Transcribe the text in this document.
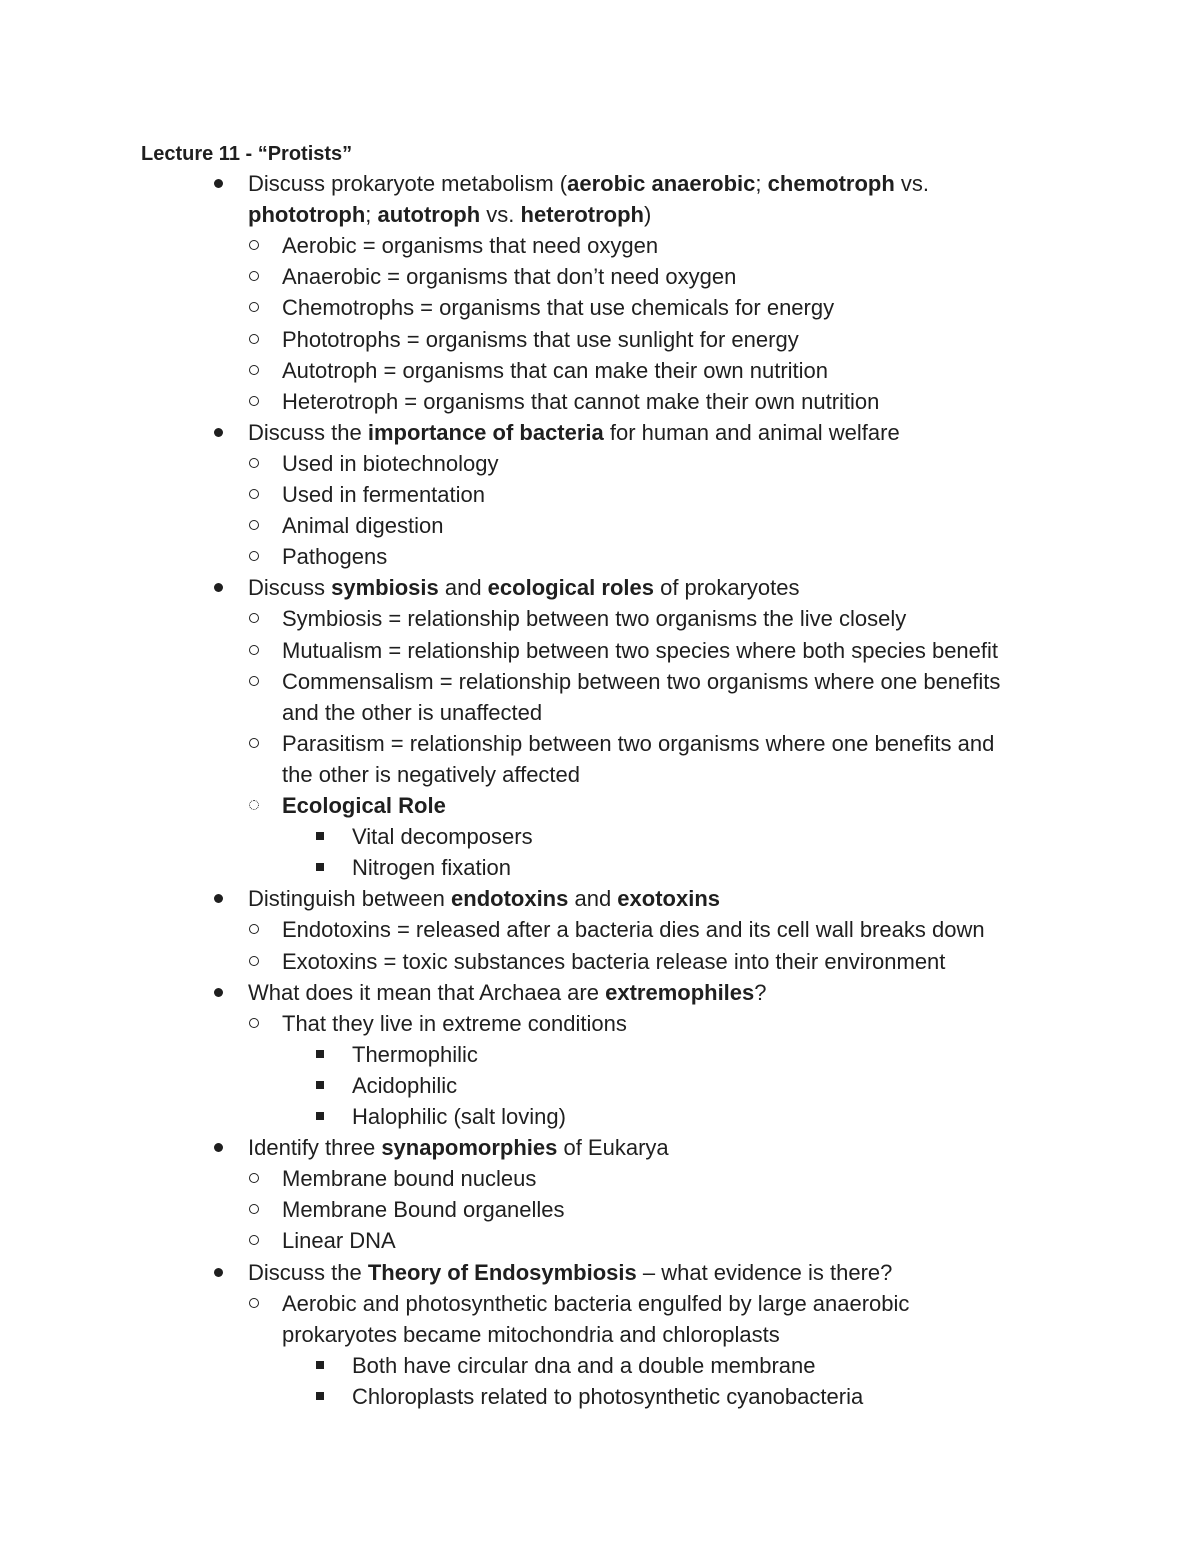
Lecture 11 - “Protists”
Discuss prokaryote metabolism (aerobic anaerobic; chemotroph vs.
phototroph; autotroph vs. heterotroph)
Aerobic = organisms that need oxygen
Anaerobic = organisms that don’t need oxygen
Chemotrophs = organisms that use chemicals for energy
Phototrophs = organisms that use sunlight for energy
Autotroph = organisms that can make their own nutrition
Heterotroph = organisms that cannot make their own nutrition
Discuss the importance of bacteria for human and animal welfare
Used in biotechnology
Used in fermentation
Animal digestion
Pathogens
Discuss symbiosis and ecological roles of prokaryotes
Symbiosis = relationship between two organisms the live closely
Mutualism = relationship between two species where both species benefit
Commensalism = relationship between two organisms where one benefits
and the other is unaffected
Parasitism = relationship between two organisms where one benefits and
the other is negatively affected
Ecological Role
Vital decomposers
Nitrogen fixation
Distinguish between endotoxins and exotoxins
Endotoxins = released after a bacteria dies and its cell wall breaks down
Exotoxins = toxic substances bacteria release into their environment
What does it mean that Archaea are extremophiles?
That they live in extreme conditions
Thermophilic
Acidophilic
Halophilic (salt loving)
Identify three synapomorphies of Eukarya
Membrane bound nucleus
Membrane Bound organelles
Linear DNA
Discuss the Theory of Endosymbiosis – what evidence is there?
Aerobic and photosynthetic bacteria engulfed by large anaerobic
prokaryotes became mitochondria and chloroplasts
Both have circular dna and a double membrane
Chloroplasts related to photosynthetic cyanobacteria
